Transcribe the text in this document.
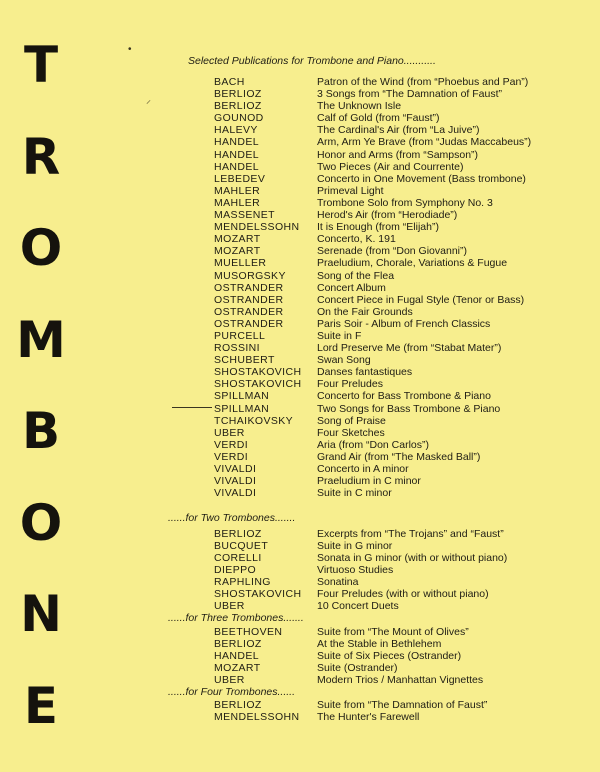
T
R
O
M
B
O
N
E
•
⸝
Selected Publications for Trombone and Piano...........
BACH	Patron of the Wind (from “Phoebus and Pan”)
BERLIOZ	3 Songs from “The Damnation of Faust”
BERLIOZ	The Unknown Isle
GOUNOD	Calf of Gold (from “Faust”)
HALEVY	The Cardinal's Air (from “La Juive”)
HANDEL	Arm, Arm Ye Brave (from “Judas Maccabeus”)
HANDEL	Honor and Arms (from “Sampson”)
HANDEL	Two Pieces (Air and Courrente)
LEBEDEV	Concerto in One Movement (Bass trombone)
MAHLER	Primeval Light
MAHLER	Trombone Solo from Symphony No. 3
MASSENET	Herod's Air (from “Herodiade”)
MENDELSSOHN	It is Enough (from “Elijah”)
MOZART	Concerto, K. 191
MOZART	Serenade (from “Don Giovanni”)
MUELLER	Praeludium, Chorale, Variations & Fugue
MUSORGSKY	Song of the Flea
OSTRANDER	Concert Album
OSTRANDER	Concert Piece in Fugal Style (Tenor or Bass)
OSTRANDER	On the Fair Grounds
OSTRANDER	Paris Soir - Album of French Classics
PURCELL	Suite in F
ROSSINI	Lord Preserve Me (from “Stabat Mater”)
SCHUBERT	Swan Song
SHOSTAKOVICH	Danses fantastiques
SHOSTAKOVICH	Four Preludes
SPILLMAN	Concerto for Bass Trombone & Piano
SPILLMAN	Two Songs for Bass Trombone & Piano
TCHAIKOVSKY	Song of Praise
UBER	Four Sketches
VERDI	Aria (from “Don Carlos”)
VERDI	Grand Air (from “The Masked Ball”)
VIVALDI	Concerto in A minor
VIVALDI	Praeludium in C minor
VIVALDI	Suite in C minor
......for Two Trombones.......
BERLIOZ	Excerpts from “The Trojans” and “Faust”
BUCQUET	Suite in G minor
CORELLI	Sonata in G minor (with or without piano)
DIEPPO	Virtuoso Studies
RAPHLING	Sonatina
SHOSTAKOVICH	Four Preludes (with or without piano)
UBER	10 Concert Duets
......for Three Trombones.......
BEETHOVEN	Suite from “The Mount of Olives”
BERLIOZ	At the Stable in Bethlehem
HANDEL	Suite of Six Pieces (Ostrander)
MOZART	Suite (Ostrander)
UBER	Modern Trios / Manhattan Vignettes
......for Four Trombones......
BERLIOZ	Suite from “The Damnation of Faust”
MENDELSSOHN	The Hunter's Farewell
